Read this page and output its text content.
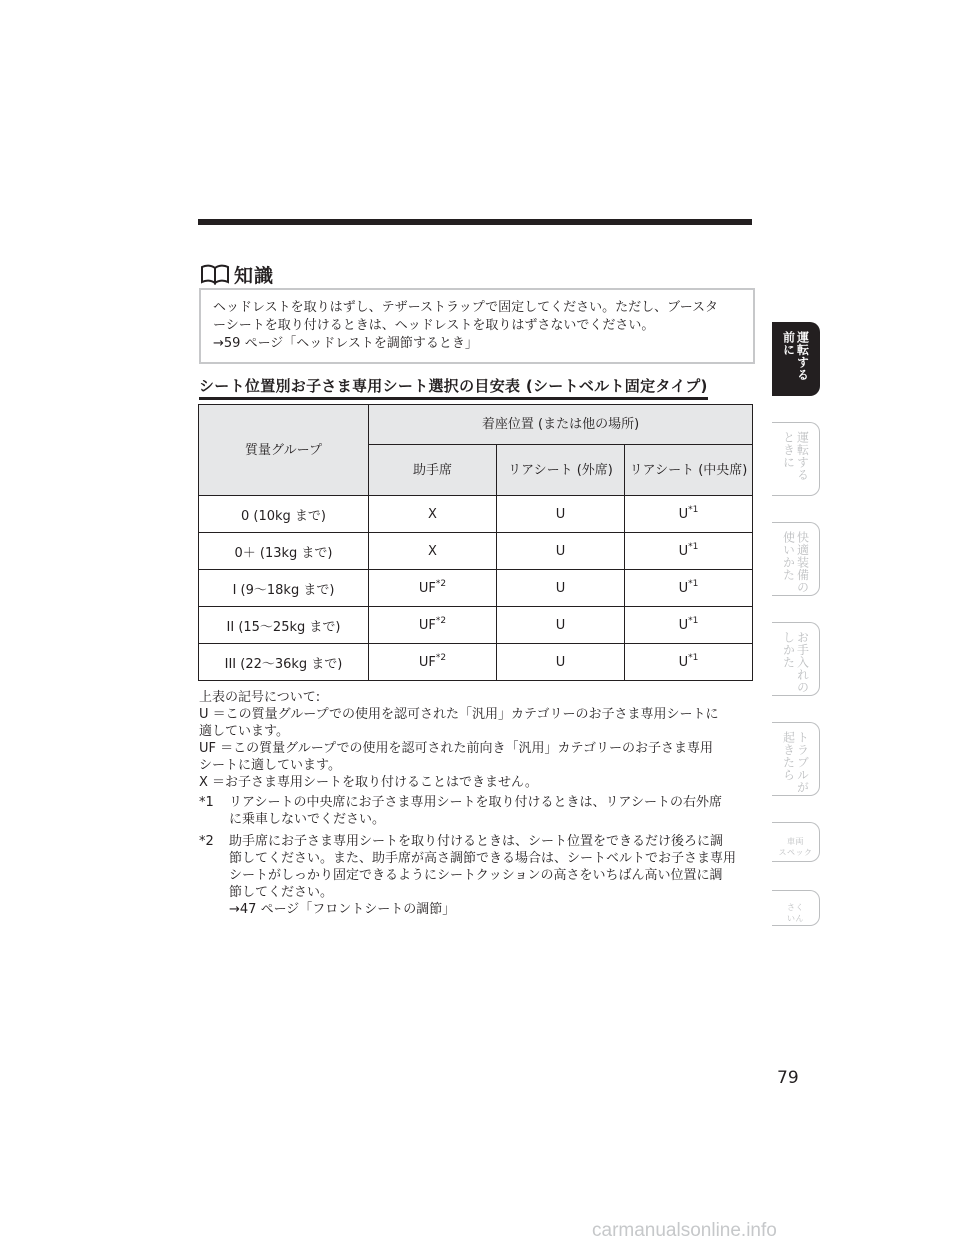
知識

ヘッドレストを取りはずし、テザーストラップで固定してください。ただし、ブースタ

ーシートを取り付けるときは、ヘッドレストを取りはずさないでください。

→59 ページ「ヘッドレストを調節するとき」

シート位置別お子さま専用シート選択の目安表 (シートベルト固定タイプ)
質量グループ	着座位置 (または他の場所)		
	助手席	リアシート (外席)	リアシート (中央席)
0 (10kg まで)	X	U	$U^{*1}$
0＋ (13kg まで)	X	U	$U^{*1}$
I (9～18kg まで)	UF$^{*2}$	U	$U^{*1}$
II (15～25kg まで)	UF$^{*2}$	U	$U^{*1}$
III (22～36kg まで)	UF$^{*2}$	U	$U^{*1}$

上表の記号について:

U ＝この質量グループでの使用を認可された「汎用」カテゴリーのお子さま専用シートに

適しています。

UF ＝この質量グループでの使用を認可された前向き「汎用」カテゴリーのお子さま専用

シートに適しています。

X ＝お子さま専用シートを取り付けることはできません。

*1	リアシートの中央席にお子さま専用シートを取り付けるときは、リアシートの右外席

に乗車しないでください。

*2	助手席にお子さま専用シートを取り付けるときは、シート位置をできるだけ後ろに調

節してください。また、助手席が高さ調節できる場合は、シートベルトでお子さま専用

シートがしっかり固定できるようにシートクッションの高さをいちばん高い位置に調

節してください。

→47 ページ「フロントシートの調節」

運転する
前に
運転する
ときに
快適装備の
使いかた
お手入れの
しかた
トラブルが
起きたら
車両
スペック
さく
いん
79
carmanualsonline.info
